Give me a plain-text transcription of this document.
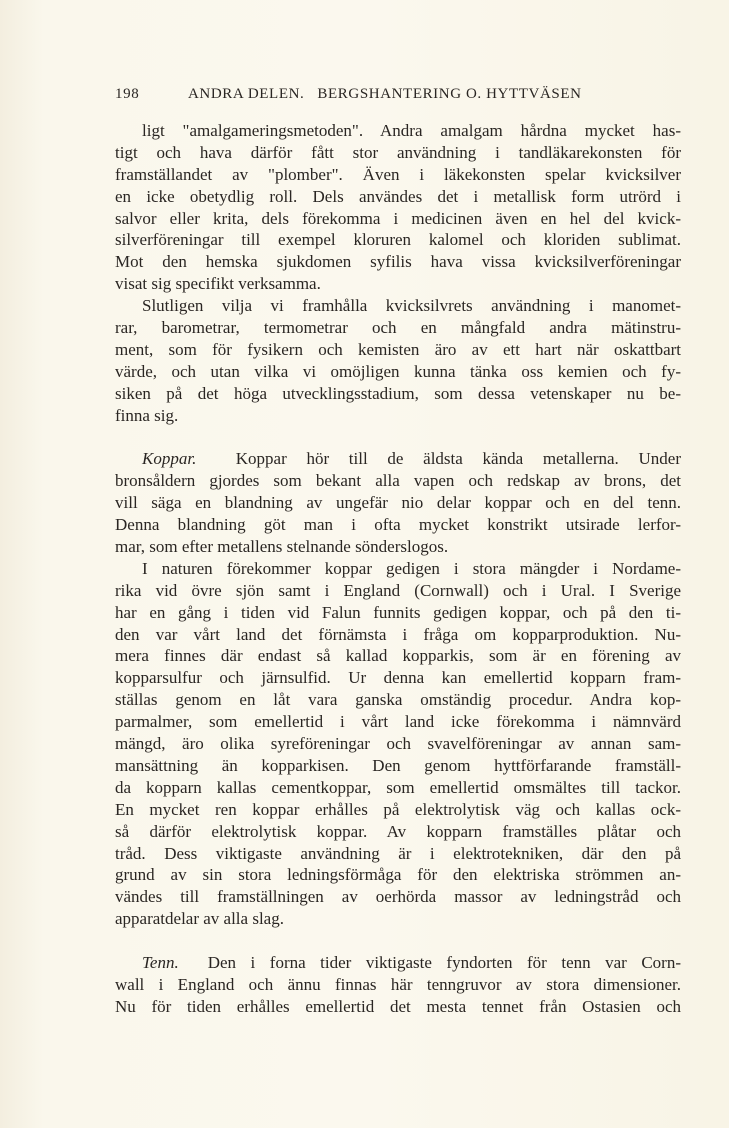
198	ANDRA DELEN.   BERGSHANTERING O. HYTTVÄSEN
ligt "amalgameringsmetoden". Andra amalgam hårdna mycket has-
tigt och hava därför fått stor användning i tandläkarekonsten för
framställandet av "plomber". Även i läkekonsten spelar kvicksilver
en icke obetydlig roll. Dels användes det i metallisk form utrörd i
salvor eller krita, dels förekomma i medicinen även en hel del kvick-
silverföreningar till exempel kloruren kalomel och kloriden sublimat.
Mot den hemska sjukdomen syfilis hava vissa kvicksilverföreningar
visat sig specifikt verksamma.
Slutligen vilja vi framhålla kvicksilvrets användning i manomet-
rar, barometrar, termometrar och en mångfald andra mätinstru-
ment, som för fysikern och kemisten äro av ett hart när oskattbart
värde, och utan vilka vi omöjligen kunna tänka oss kemien och fy-
siken på det höga utvecklingsstadium, som dessa vetenskaper nu be-
finna sig.
Koppar. Koppar hör till de äldsta kända metallerna. Under
bronsåldern gjordes som bekant alla vapen och redskap av brons, det
vill säga en blandning av ungefär nio delar koppar och en del tenn.
Denna blandning göt man i ofta mycket konstrikt utsirade lerfor-
mar, som efter metallens stelnande sönderslogos.
I naturen förekommer koppar gedigen i stora mängder i Nordame-
rika vid övre sjön samt i England (Cornwall) och i Ural. I Sverige
har en gång i tiden vid Falun funnits gedigen koppar, och på den ti-
den var vårt land det förnämsta i fråga om kopparproduktion. Nu-
mera finnes där endast så kallad kopparkis, som är en förening av
kopparsulfur och järnsulfid. Ur denna kan emellertid kopparn fram-
ställas genom en låt vara ganska omständig procedur. Andra kop-
parmalmer, som emellertid i vårt land icke förekomma i nämnvärd
mängd, äro olika syreföreningar och svavelföreningar av annan sam-
mansättning än kopparkisen. Den genom hyttförfarande framställ-
da kopparn kallas cementkoppar, som emellertid omsmältes till tackor.
En mycket ren koppar erhålles på elektrolytisk väg och kallas ock-
så därför elektrolytisk koppar. Av kopparn framställes plåtar och
tråd. Dess viktigaste användning är i elektrotekniken, där den på
grund av sin stora ledningsförmåga för den elektriska strömmen an-
vändes till framställningen av oerhörda massor av ledningstråd och
apparatdelar av alla slag.
Tenn. Den i forna tider viktigaste fyndorten för tenn var Corn-
wall i England och ännu finnas här tenngruvor av stora dimensioner.
Nu för tiden erhålles emellertid det mesta tennet från Ostasien och
